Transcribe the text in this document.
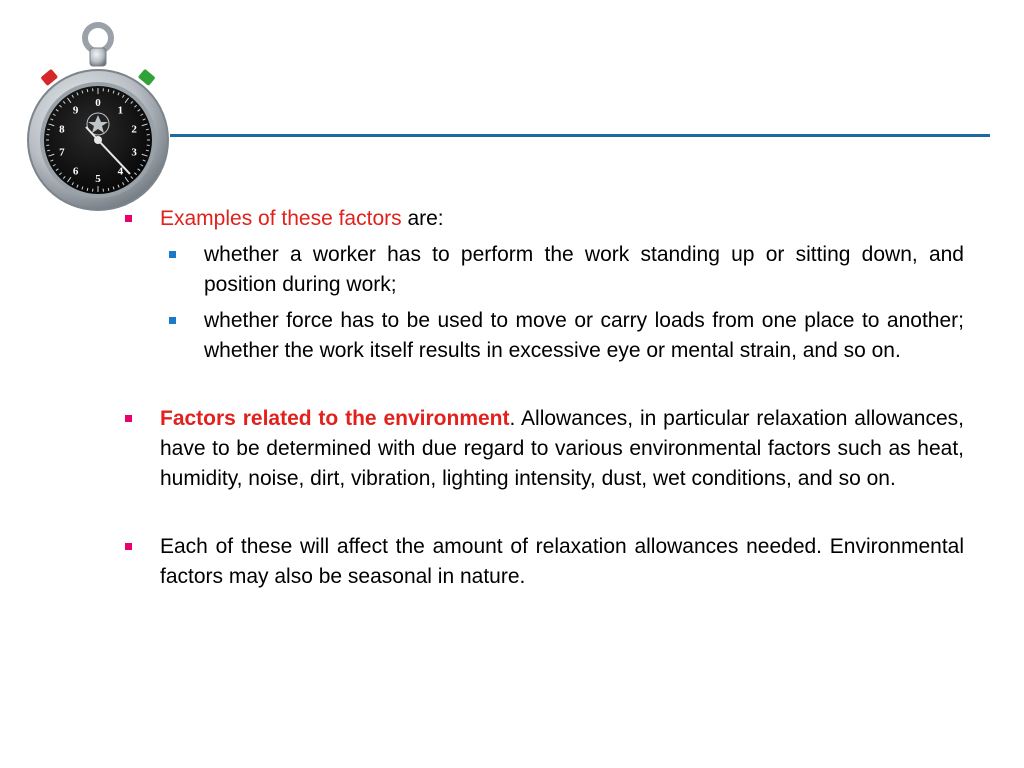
0
1
2
3
4
5
6
7
8
9
Examples of these factors are:
whether a worker has to perform the work standing up or sitting down, and position during work;
whether force has to be used to move or carry loads from one place to another; whether the work itself results in excessive eye or mental strain, and so on.
Factors related to the environment. Allowances, in particular relaxation allowances, have to be determined with due regard to various environmental factors such as heat, humidity, noise, dirt, vibration, lighting intensity, dust, wet conditions, and so on.
Each of these will affect the amount of relaxation allowances needed. Environmental factors may also be seasonal in nature.
